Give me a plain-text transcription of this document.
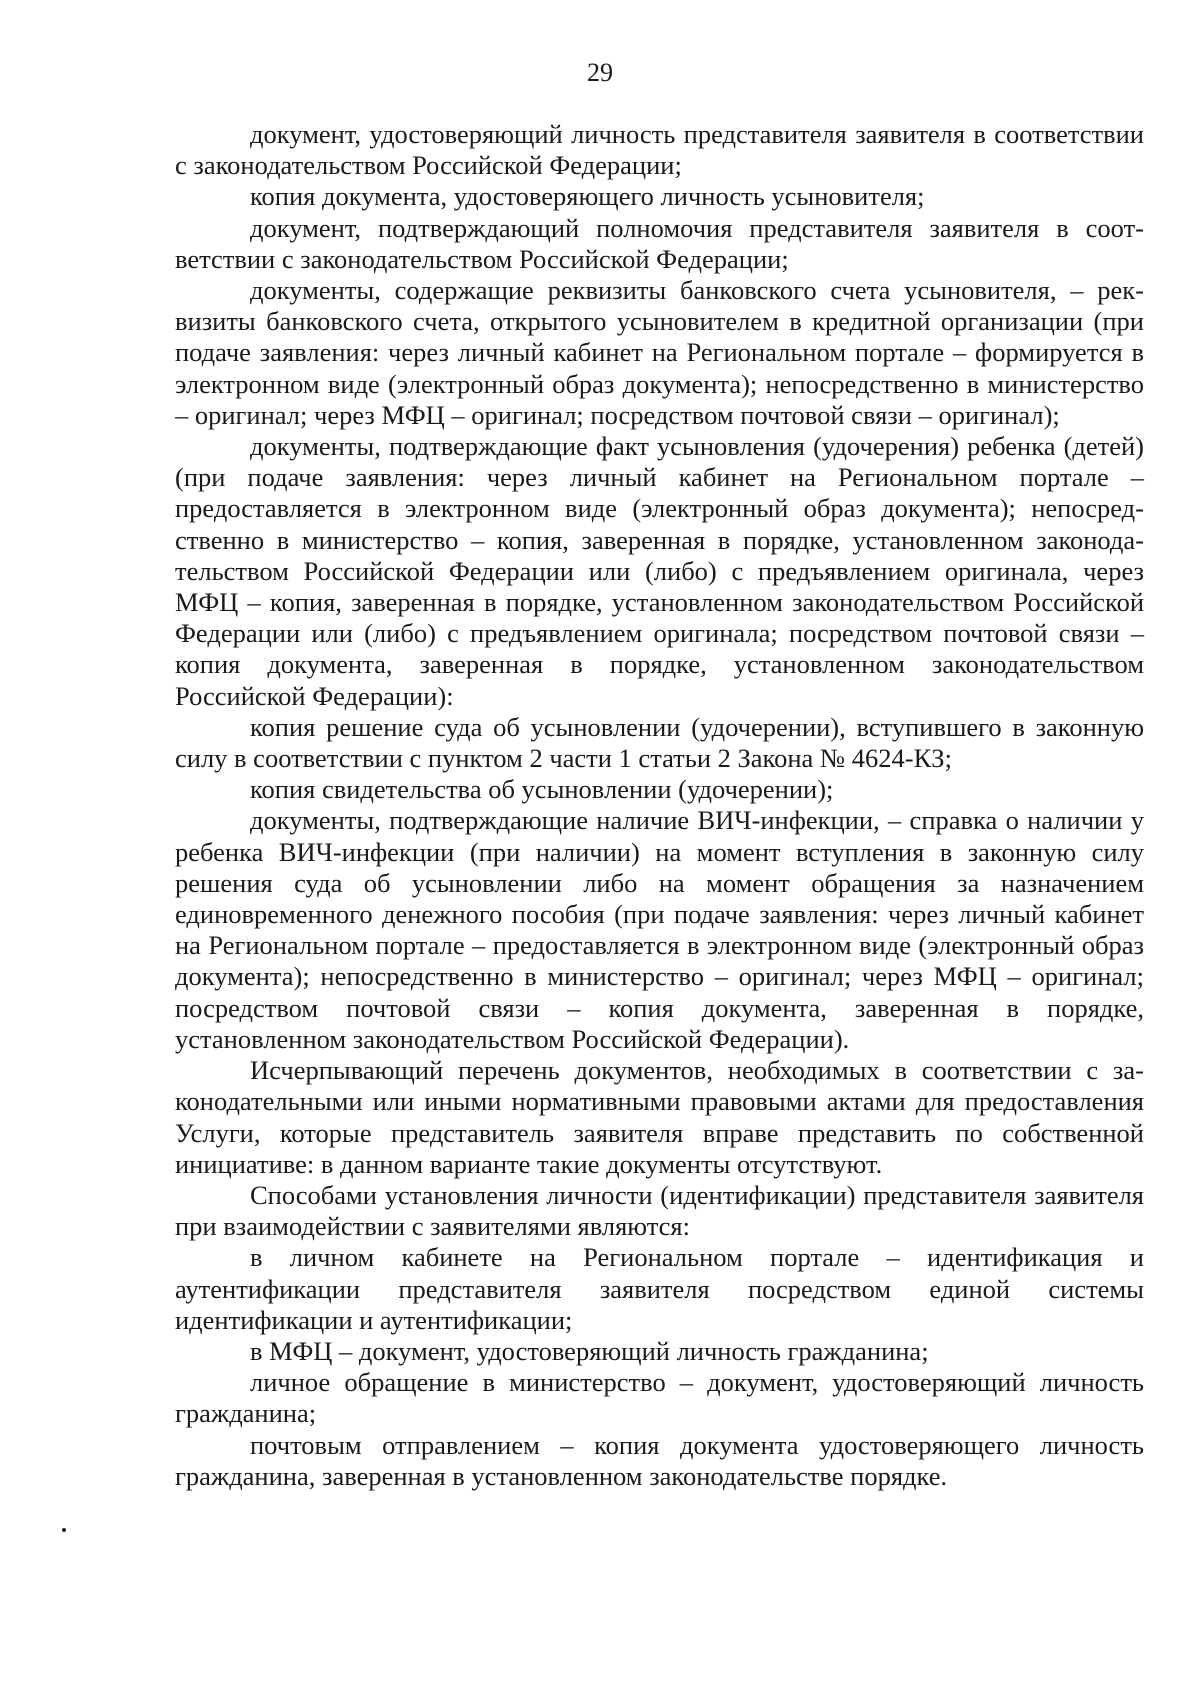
29

документ, удостоверяющий личность представителя заявителя в соответствии с законодательством Российской Федерации;

копия документа, удостоверяющего личность усыновителя;

документ, подтверждающий полномочия представителя заявителя в соответствии с законодательством Российской Федерации;

документы, содержащие реквизиты банковского счета усыновителя, – реквизиты банковского счета, открытого усыновителем в кредитной организации (при подаче заявления: через личный кабинет на Региональном портале – формируется в электронном виде (электронный образ документа); непосредственно в министерство – оригинал; через МФЦ – оригинал; посредством почтовой связи – оригинал);

документы, подтверждающие факт усыновления (удочерения) ребенка (детей) (при подаче заявления: через личный кабинет на Региональном портале – предоставляется в электронном виде (электронный образ документа); непосредственно в министерство – копия, заверенная в порядке, установленном законодательством Российской Федерации или (либо) с предъявлением оригинала, через МФЦ – копия, заверенная в порядке, установленном законодательством Российской Федерации или (либо) с предъявлением оригинала; посредством почтовой связи – копия документа, заверенная в порядке, установленном законодательством Российской Федерации):

копия решение суда об усыновлении (удочерении), вступившего в законную силу в соответствии с пунктом 2 части 1 статьи 2 Закона № 4624-КЗ;

копия свидетельства об усыновлении (удочерении);

документы, подтверждающие наличие ВИЧ-инфекции, – справка о наличии у ребенка ВИЧ-инфекции (при наличии) на момент вступления в законную силу решения суда об усыновлении либо на момент обращения за назначением единовременного денежного пособия (при подаче заявления: через личный кабинет на Региональном портале – предоставляется в электронном виде (электронный образ документа); непосредственно в министерство – оригинал; через МФЦ – оригинал; посредством почтовой связи – копия документа, заверенная в порядке, установленном законодательством Российской Федерации).

Исчерпывающий перечень документов, необходимых в соответствии с законодательными или иными нормативными правовыми актами для предоставления Услуги, которые представитель заявителя вправе представить по собственной инициативе: в данном варианте такие документы отсутствуют.

Способами установления личности (идентификации) представителя заявителя при взаимодействии с заявителями являются:

в личном кабинете на Региональном портале – идентификация и аутентификации представителя заявителя посредством единой системы идентификации и аутентификации;

в МФЦ – документ, удостоверяющий личность гражданина;

личное обращение в министерство – документ, удостоверяющий личность гражданина;

почтовым отправлением – копия документа удостоверяющего личность гражданина, заверенная в установленном законодательстве порядке.
